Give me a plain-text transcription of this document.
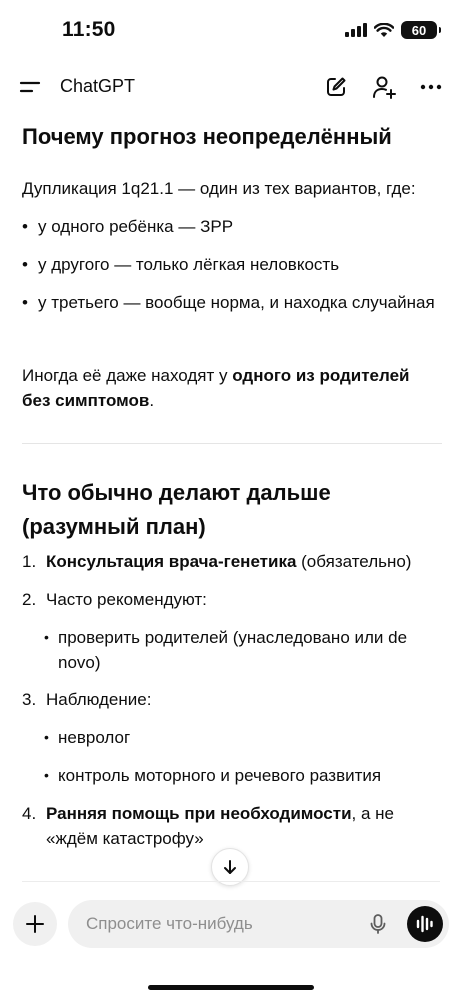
11:50	60
ChatGPT
Почему прогноз неопределённый

Дупликация 1q21.1 — один из тех вариантов, где:

• у одного ребёнка — ЗРР

• у другого — только лёгкая неловкость

• у третьего — вообще норма, и находка случайная

Иногда её даже находят у одного из родителей без симптомов.

Что обычно делают дальше (разумный план)

1. Консультация врача-генетика (обязательно)

2. Часто рекомендуют:

• проверить родителей (унаследовано или de novo)

3. Наблюдение:

• невролог

• контроль моторного и речевого развития

4. Ранняя помощь при необходимости, а не «ждём катастрофу»

Спросите что-нибудь
